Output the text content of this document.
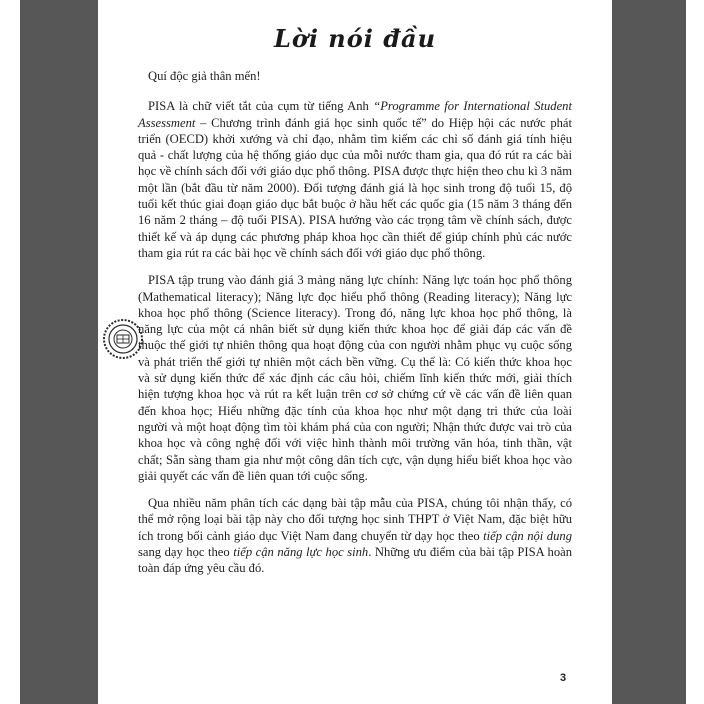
Lời nói đầu

Quí độc giả thân mến!

PISA là chữ viết tắt của cụm từ tiếng Anh “Programme for International Student Assessment – Chương trình đánh giá học sinh quốc tế” do Hiệp hội các nước phát triển (OECD) khởi xướng và chỉ đạo, nhằm tìm kiếm các chỉ số đánh giá tính hiệu quả - chất lượng của hệ thống giáo dục của mỗi nước tham gia, qua đó rút ra các bài học về chính sách đối với giáo dục phổ thông. PISA được thực hiện theo chu kì 3 năm một lần (bắt đầu từ năm 2000). Đối tượng đánh giá là học sinh trong độ tuổi 15, độ tuổi kết thúc giai đoạn giáo dục bắt buộc ở hầu hết các quốc gia (15 năm 3 tháng đến 16 năm 2 tháng – độ tuổi PISA). PISA hướng vào các trọng tâm về chính sách, được thiết kế và áp dụng các phương pháp khoa học cần thiết để giúp chính phủ các nước tham gia rút ra các bài học về chính sách đối với giáo dục phổ thông.

PISA tập trung vào đánh giá 3 mảng năng lực chính: Năng lực toán học phổ thông (Mathematical literacy); Năng lực đọc hiểu phổ thông (Reading literacy); Năng lực khoa học phổ thông (Science literacy). Trong đó, năng lực khoa học phổ thông, là năng lực của một cá nhân biết sử dụng kiến thức khoa học để giải đáp các vấn đề thuộc thế giới tự nhiên thông qua hoạt động của con người nhằm phục vụ cuộc sống và phát triển thế giới tự nhiên một cách bền vững. Cụ thể là: Có kiến thức khoa học và sử dụng kiến thức để xác định các câu hỏi, chiếm lĩnh kiến thức mới, giải thích hiện tượng khoa học và rút ra kết luận trên cơ sở chứng cứ về các vấn đề liên quan đến khoa học; Hiểu những đặc tính của khoa học như một dạng tri thức của loài người và một hoạt động tìm tòi khám phá của con người; Nhận thức được vai trò của khoa học và công nghệ đối với việc hình thành môi trường văn hóa, tinh thần, vật chất; Sẵn sàng tham gia như một công dân tích cực, vận dụng hiểu biết khoa học vào giải quyết các vấn đề liên quan tới cuộc sống.

Qua nhiều năm phân tích các dạng bài tập mẫu của PISA, chúng tôi nhận thấy, có thể mở rộng loại bài tập này cho đối tượng học sinh THPT ở Việt Nam, đặc biệt hữu ích trong bối cảnh giáo dục Việt Nam đang chuyển từ dạy học theo tiếp cận nội dung sang dạy học theo tiếp cận năng lực học sinh. Những ưu điểm của bài tập PISA hoàn toàn đáp ứng yêu cầu đó.

3
